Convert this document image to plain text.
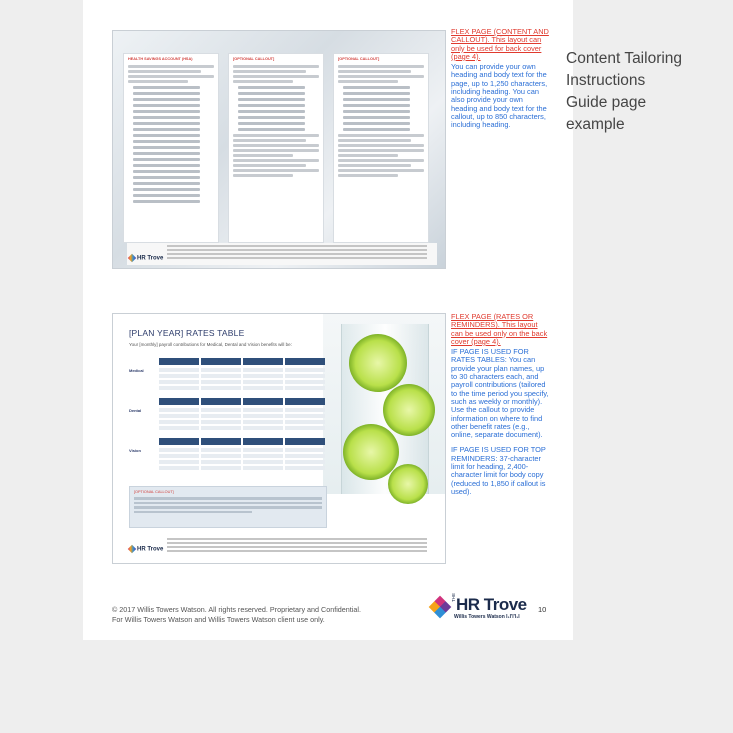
Content Tailoring
Instructions
Guide page
example
HEALTH SAVINGS ACCOUNT (HSA)	[OPTIONAL CALLOUT]	[OPTIONAL CALLOUT]
HR Trove
[PLAN YEAR] RATES TABLE
Your [monthly] payroll contributions for Medical, Dental and Vision benefits will be:
Medical
Dental
Vision
[OPTIONAL CALLOUT]
HR Trove
FLEX PAGE (CONTENT AND CALLOUT). This layout can only be used for back cover (page 4).
You can provide your own heading and body text for the page, up to 1,250 characters, including heading. You can also provide your own heading and body text for the callout, up to 850 characters, including heading.
FLEX PAGE (RATES OR REMINDERS). This layout can be used only on the back cover (page 4).
IF PAGE IS USED FOR RATES TABLES: You can provide your plan names, up to 30 characters each, and payroll contributions (tailored to the time period you specify, such as weekly or monthly). Use the callout to provide information on where to find other benefit rates (e.g., online, separate document).
IF PAGE IS USED FOR TOP REMINDERS: 37-character limit for heading, 2,400-character limit for body copy (reduced to 1,850 if callout is used).
© 2017 Willis Towers Watson. All rights reserved. Proprietary and Confidential.
For Willis Towers Watson and Willis Towers Watson client use only.
THE HR Trove
Willis Towers Watson I₁I'I'I₁I
10
